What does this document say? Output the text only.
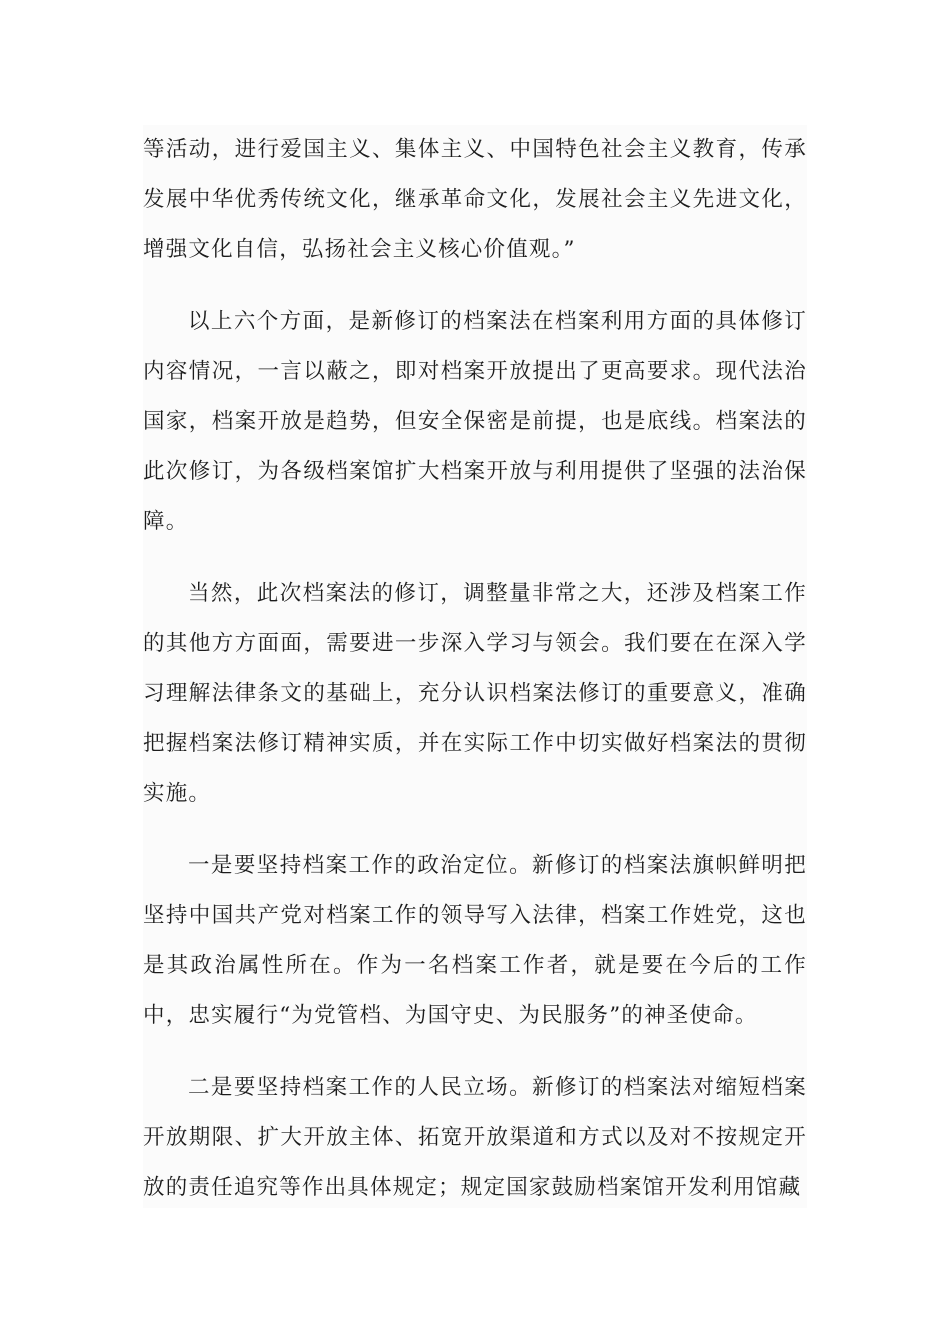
等活动，进行爱国主义、集体主义、中国特色社会主义教育，传承发展中华优秀传统文化，继承革命文化，发展社会主义先进文化，增强文化自信，弘扬社会主义核心价值观。”

以上六个方面，是新修订的档案法在档案利用方面的具体修订内容情况，一言以蔽之，即对档案开放提出了更高要求。现代法治国家，档案开放是趋势，但安全保密是前提，也是底线。档案法的此次修订，为各级档案馆扩大档案开放与利用提供了坚强的法治保障。

当然，此次档案法的修订，调整量非常之大，还涉及档案工作的其他方方面面，需要进一步深入学习与领会。我们要在在深入学习理解法律条文的基础上，充分认识档案法修订的重要意义，准确把握档案法修订精神实质，并在实际工作中切实做好档案法的贯彻实施。

一是要坚持档案工作的政治定位。新修订的档案法旗帜鲜明把坚持中国共产党对档案工作的领导写入法律，档案工作姓党，这也是其政治属性所在。作为一名档案工作者，就是要在今后的工作中，忠实履行“为党管档、为国守史、为民服务”的神圣使命。

二是要坚持档案工作的人民立场。新修订的档案法对缩短档案开放期限、扩大开放主体、拓宽开放渠道和方式以及对不按规定开放的责任追究等作出具体规定；规定国家鼓励档案馆开发利用馆藏
